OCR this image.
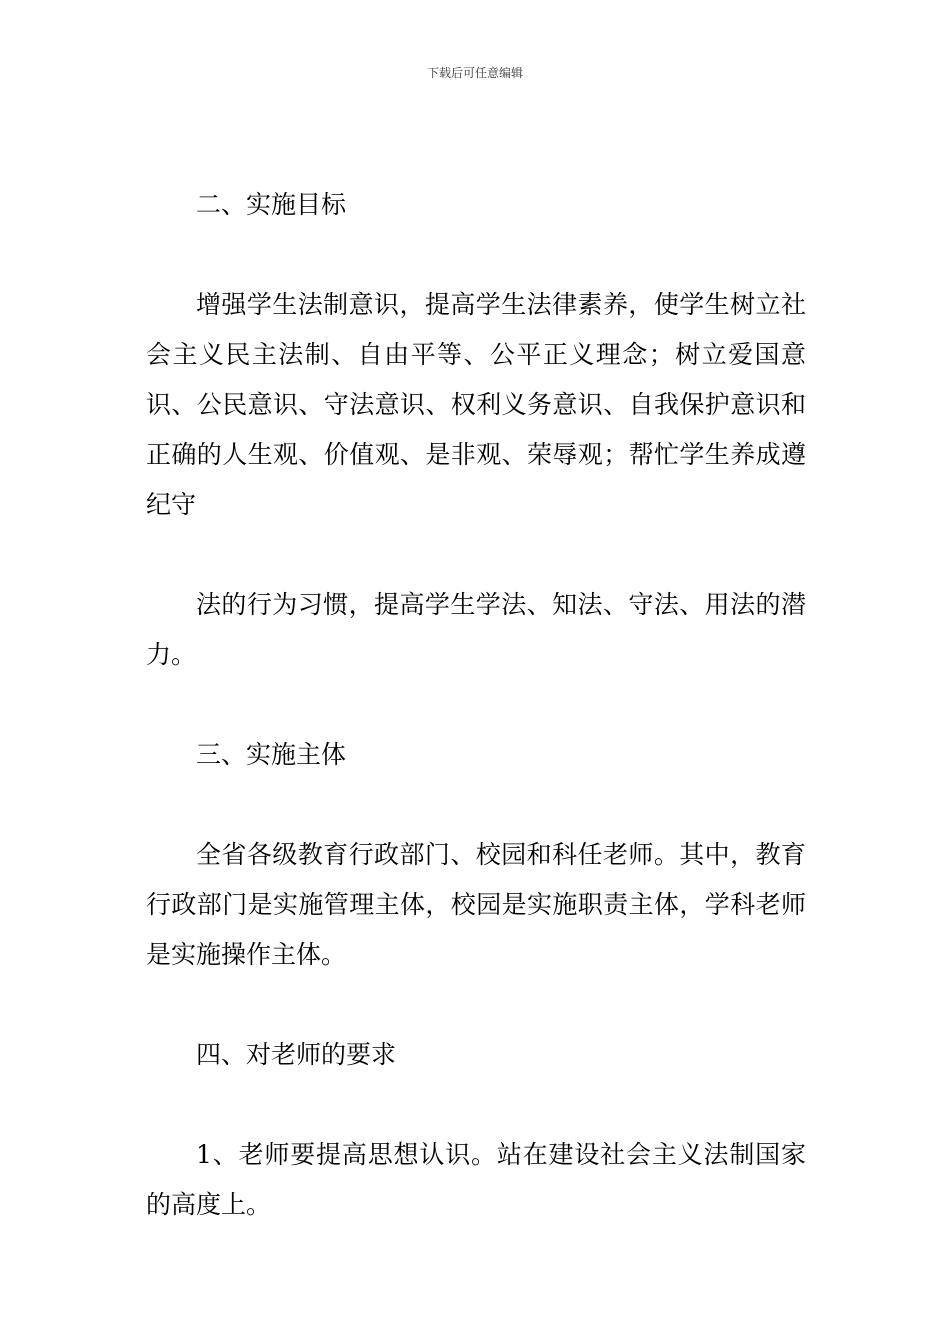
下载后可任意编辑

二、实施目标

增强学生法制意识，提高学生法律素养，使学生树立社会主义民主法制、自由平等、公平正义理念；树立爱国意识、公民意识、守法意识、权利义务意识、自我保护意识和正确的人生观、价值观、是非观、荣辱观；帮忙学生养成遵纪守

法的行为习惯，提高学生学法、知法、守法、用法的潜力。

三、实施主体

全省各级教育行政部门、校园和科任老师。其中，教育行政部门是实施管理主体，校园是实施职责主体，学科老师是实施操作主体。

四、对老师的要求

1、老师要提高思想认识。站在建设社会主义法制国家的高度上。
